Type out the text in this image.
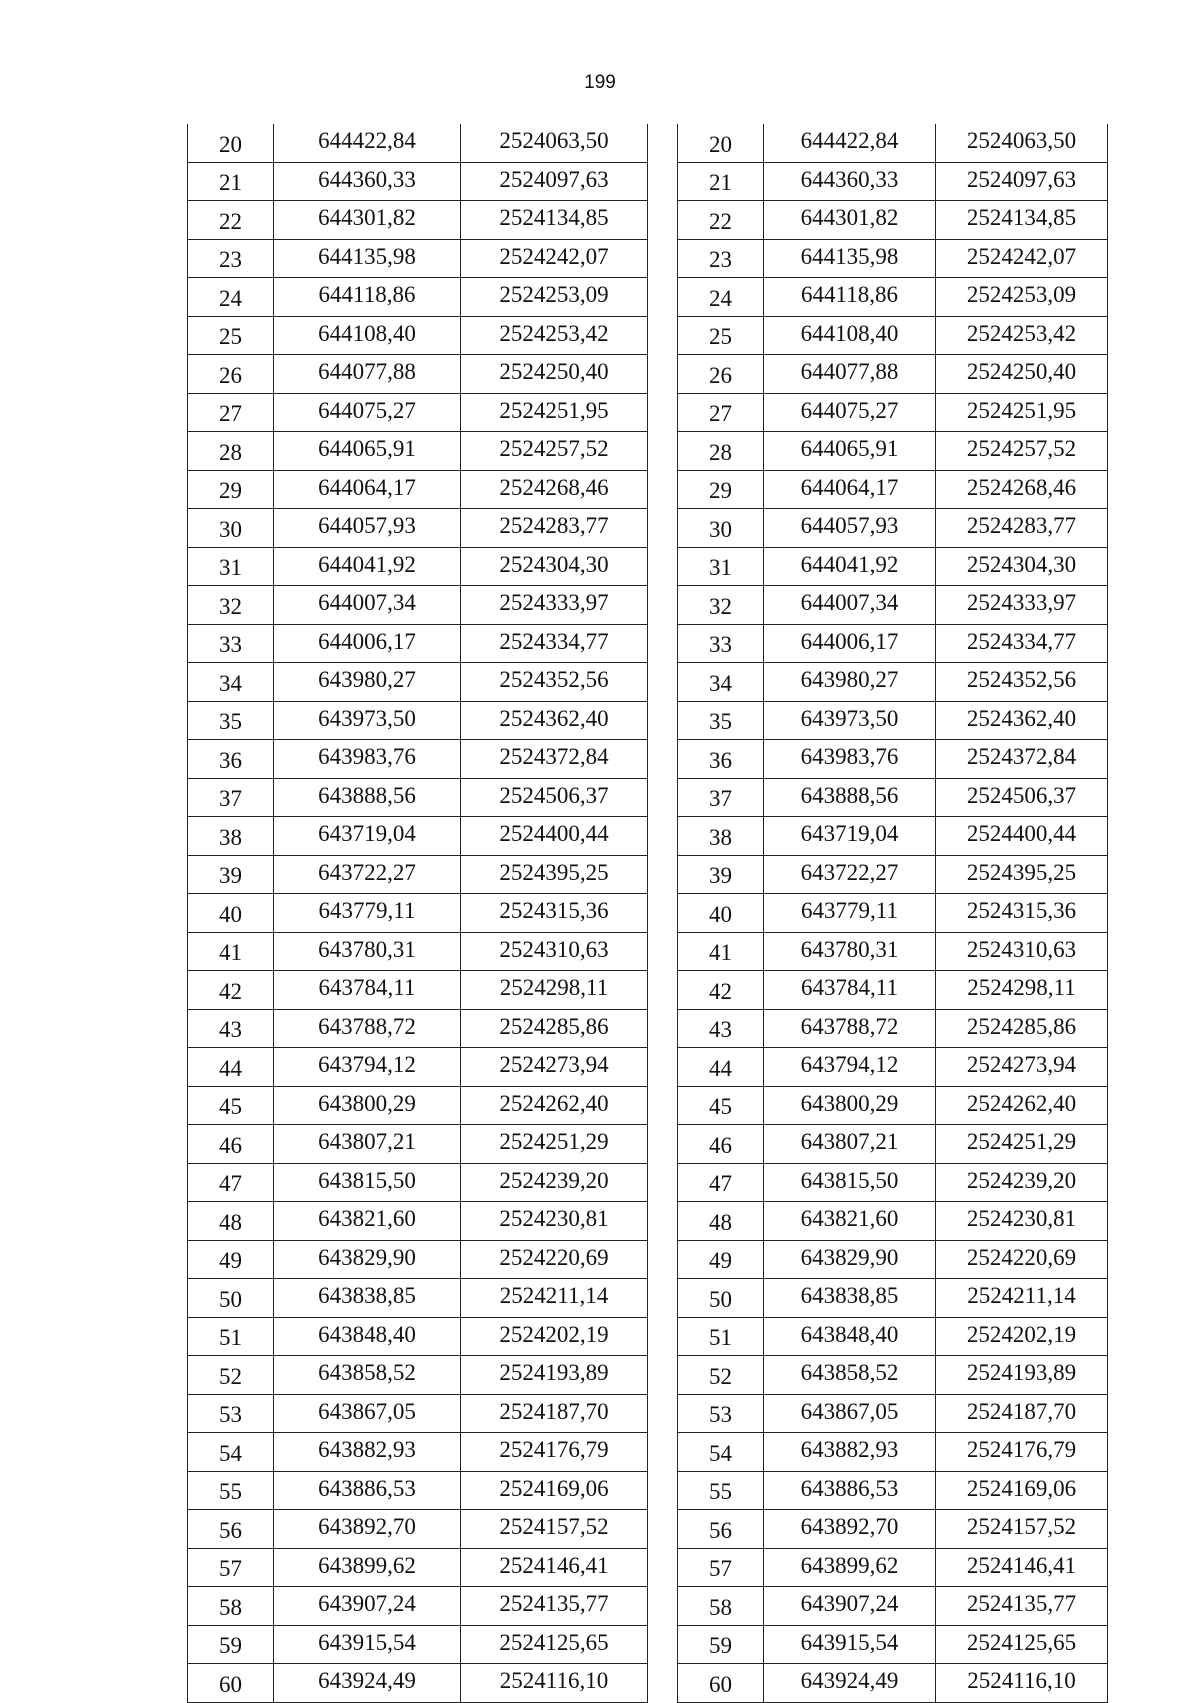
199
20	644422,84	2524063,50
21	644360,33	2524097,63
22	644301,82	2524134,85
23	644135,98	2524242,07
24	644118,86	2524253,09
25	644108,40	2524253,42
26	644077,88	2524250,40
27	644075,27	2524251,95
28	644065,91	2524257,52
29	644064,17	2524268,46
30	644057,93	2524283,77
31	644041,92	2524304,30
32	644007,34	2524333,97
33	644006,17	2524334,77
34	643980,27	2524352,56
35	643973,50	2524362,40
36	643983,76	2524372,84
37	643888,56	2524506,37
38	643719,04	2524400,44
39	643722,27	2524395,25
40	643779,11	2524315,36
41	643780,31	2524310,63
42	643784,11	2524298,11
43	643788,72	2524285,86
44	643794,12	2524273,94
45	643800,29	2524262,40
46	643807,21	2524251,29
47	643815,50	2524239,20
48	643821,60	2524230,81
49	643829,90	2524220,69
50	643838,85	2524211,14
51	643848,40	2524202,19
52	643858,52	2524193,89
53	643867,05	2524187,70
54	643882,93	2524176,79
55	643886,53	2524169,06
56	643892,70	2524157,52
57	643899,62	2524146,41
58	643907,24	2524135,77
59	643915,54	2524125,65
60	643924,49	2524116,10
20	644422,84	2524063,50
21	644360,33	2524097,63
22	644301,82	2524134,85
23	644135,98	2524242,07
24	644118,86	2524253,09
25	644108,40	2524253,42
26	644077,88	2524250,40
27	644075,27	2524251,95
28	644065,91	2524257,52
29	644064,17	2524268,46
30	644057,93	2524283,77
31	644041,92	2524304,30
32	644007,34	2524333,97
33	644006,17	2524334,77
34	643980,27	2524352,56
35	643973,50	2524362,40
36	643983,76	2524372,84
37	643888,56	2524506,37
38	643719,04	2524400,44
39	643722,27	2524395,25
40	643779,11	2524315,36
41	643780,31	2524310,63
42	643784,11	2524298,11
43	643788,72	2524285,86
44	643794,12	2524273,94
45	643800,29	2524262,40
46	643807,21	2524251,29
47	643815,50	2524239,20
48	643821,60	2524230,81
49	643829,90	2524220,69
50	643838,85	2524211,14
51	643848,40	2524202,19
52	643858,52	2524193,89
53	643867,05	2524187,70
54	643882,93	2524176,79
55	643886,53	2524169,06
56	643892,70	2524157,52
57	643899,62	2524146,41
58	643907,24	2524135,77
59	643915,54	2524125,65
60	643924,49	2524116,10
